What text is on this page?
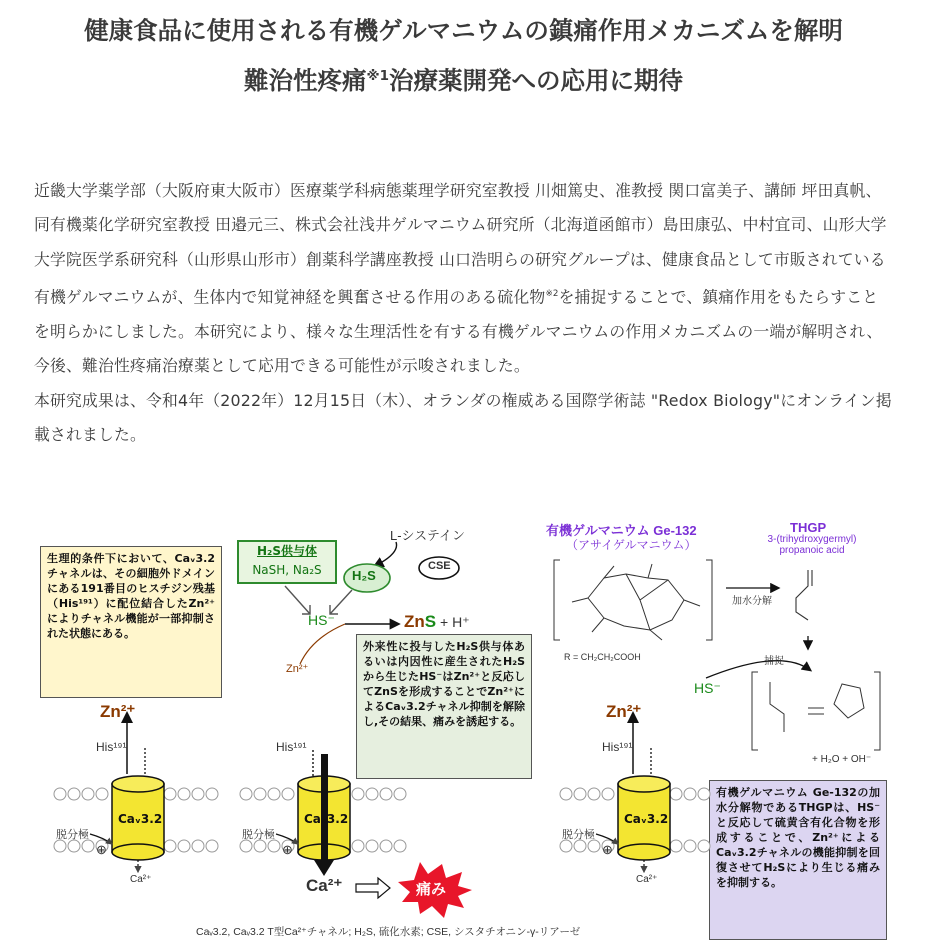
健康食品に使用される有機ゲルマニウムの鎮痛作用メカニズムを解明
難治性疼痛$^{※1}$治療薬開発への応用に期待

近畿大学薬学部（大阪府東大阪市）医療薬学科病態薬理学研究室教授 川畑篤史、准教授 関口富美子、講師 坪田真帆、同有機薬化学研究室教授 田邉元三、株式会社浅井ゲルマニウム研究所（北海道函館市）島田康弘、中村宜司、山形大学大学院医学系研究科（山形県山形市）創薬科学講座教授 山口浩明らの研究グループは、健康食品として市販されている有機ゲルマニウムが、生体内で知覚神経を興奮させる作用のある硫化物$^{※2}$を捕捉することで、鎮痛作用をもたらすことを明らかにしました。本研究により、様々な生理活性を有する有機ゲルマニウムの作用メカニズムの一端が解明され、今後、難治性疼痛治療薬として応用できる可能性が示唆されました。

本研究成果は、令和4年（2022年）12月15日（木）、オランダの権威ある国際学術誌 "Redox Biology"にオンライン掲載されました。

生理的条件下において、Caᵥ3.2チャネルは、その細胞外ドメインにある191番目のヒスチジン残基（His¹⁹¹）に配位結合したZn²⁺によりチャネル機能が一部抑制された状態にある。
外来性に投与したH₂S供与体あるいは内因性に産生されたH₂Sから生じたHS⁻はZn²⁺と反応してZnSを形成することでZn²⁺によるCaᵥ3.2チャネル抑制を解除し,その結果、痛みを誘起する。
有機ゲルマニウム Ge-132の加水分解物であるTHGPは、HS⁻と反応して硫黄含有化合物を形成することで、Zn²⁺によるCaᵥ3.2チャネルの機能抑制を回復させてH₂Sにより生じる痛みを抑制する。
H₂S供与体
NaSH, Na₂S
L-システイン
CSE
H₂S
HS⁻
Zn²⁺
ZnS + H⁺
有機ゲルマニウム Ge-132
（アサイゲルマニウム）
R = CH₂CH₂COOH
THGP
3-(trihydroxygermyl) propanoic acid
加水分解
捕捉
HS⁻
+ H₂O + OH⁻
Zn²⁺
His¹⁹¹
Caᵥ3.2
脱分極
⊕
Ca²⁺
His¹⁹¹
Caᵥ3.2
脱分極
⊕
Ca²⁺	痛み
Zn²⁺
His¹⁹¹
Caᵥ3.2
脱分極
⊕
Ca²⁺
Caᵥ3.2, Caᵥ3.2 T型Ca²⁺チャネル; H₂S, 硫化水素; CSE, シスタチオニン-γ-リアーゼ
